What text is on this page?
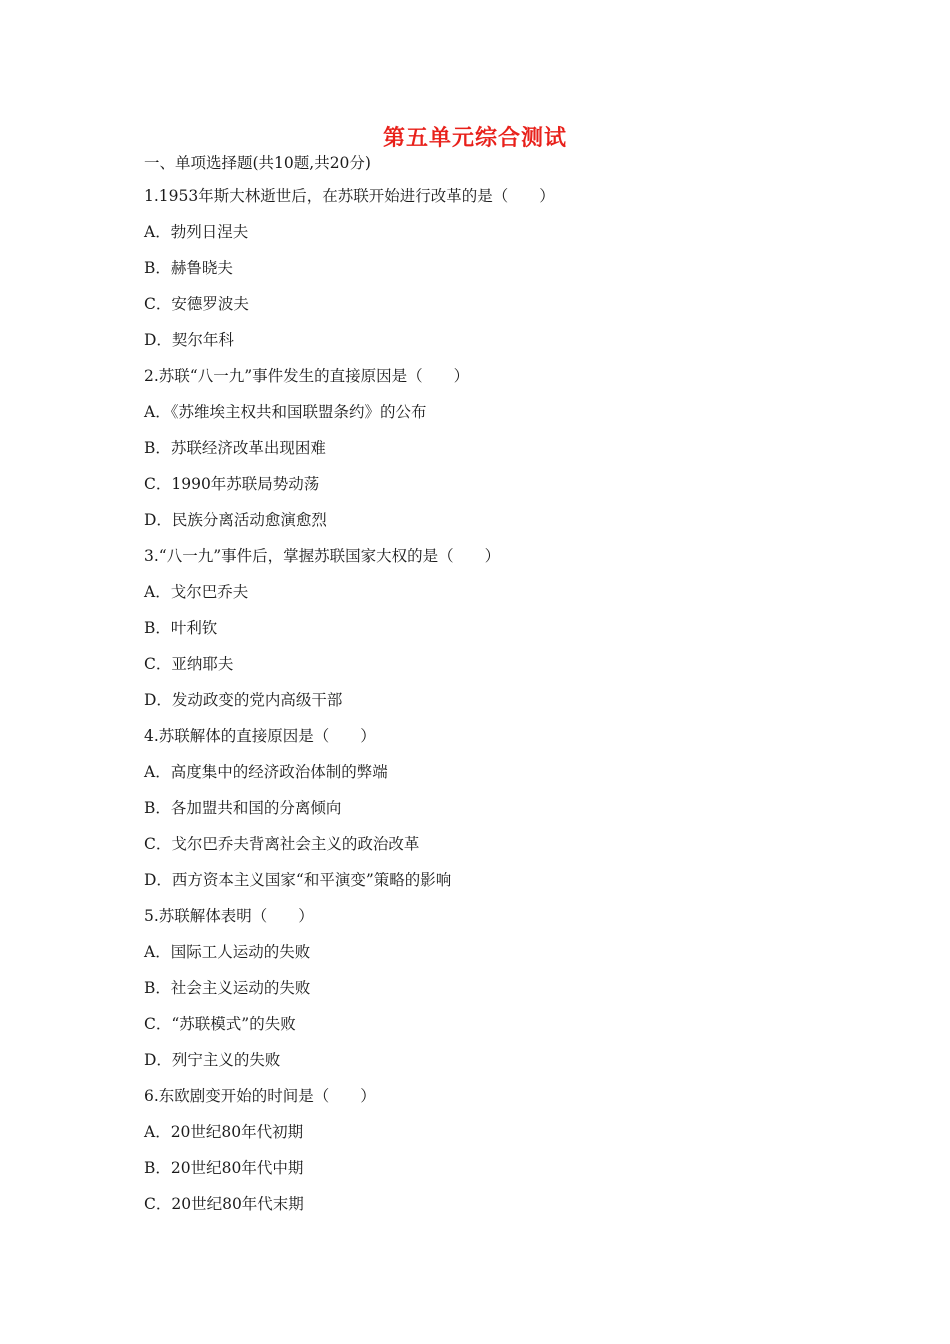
第五单元综合测试
一、单项选择题(共10题,共20分)
1.1953年斯大林逝世后，在苏联开始进行改革的是（　　）
A．勃列日涅夫
B．赫鲁晓夫
C．安德罗波夫
D．契尔年科
2.苏联“八一九”事件发生的直接原因是（　　）
A．《苏维埃主权共和国联盟条约》的公布
B．苏联经济改革出现困难
C．1990年苏联局势动荡
D．民族分离活动愈演愈烈
3.“八一九”事件后，掌握苏联国家大权的是（　　）
A．戈尔巴乔夫
B．叶利钦
C．亚纳耶夫
D．发动政变的党内高级干部
4.苏联解体的直接原因是（　　）
A．高度集中的经济政治体制的弊端
B．各加盟共和国的分离倾向
C．戈尔巴乔夫背离社会主义的政治改革
D．西方资本主义国家“和平演变”策略的影响
5.苏联解体表明（　　）
A．国际工人运动的失败
B．社会主义运动的失败
C．“苏联模式”的失败
D．列宁主义的失败
6.东欧剧变开始的时间是（　　）
A．20世纪80年代初期
B．20世纪80年代中期
C．20世纪80年代末期
